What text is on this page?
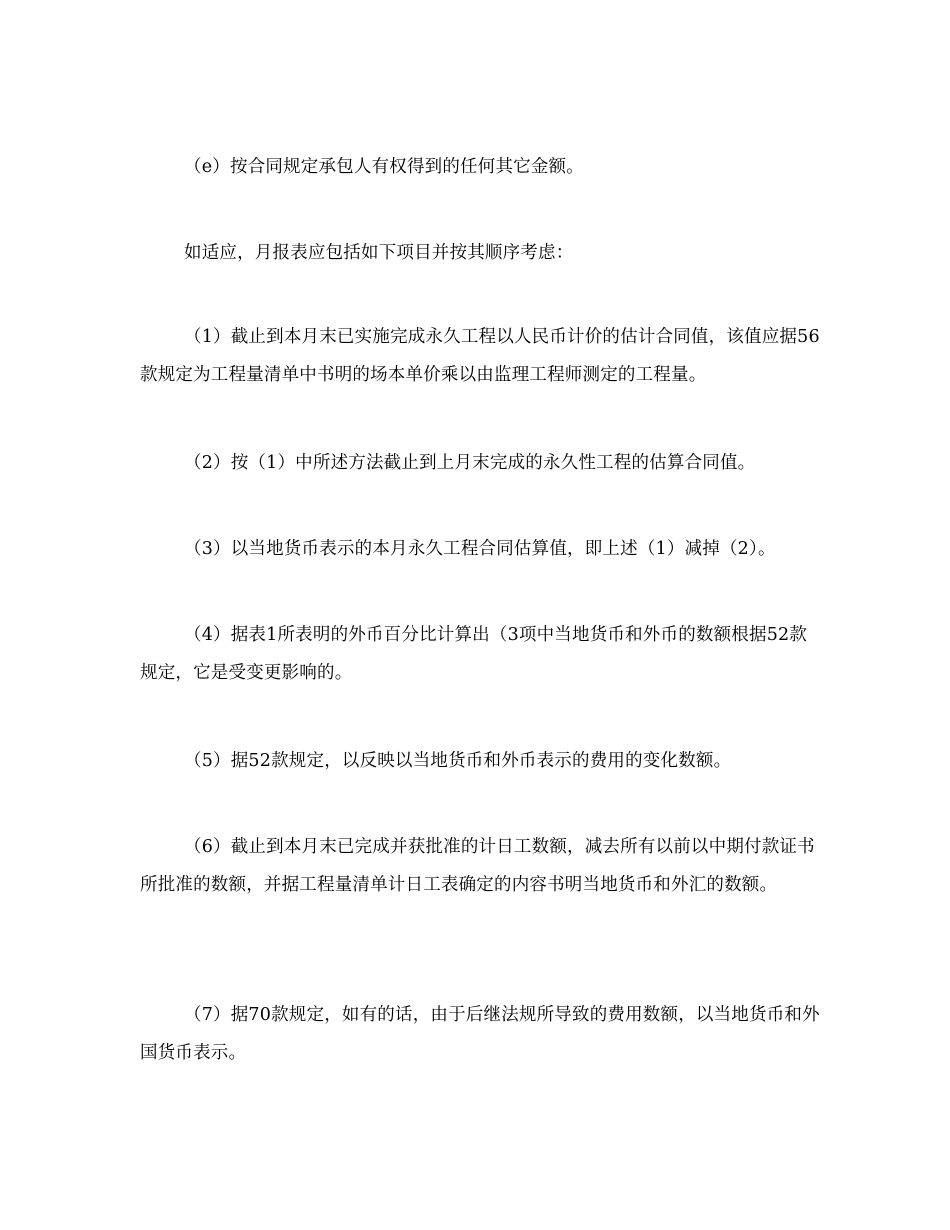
（e）按合同规定承包人有权得到的任何其它金额。

如适应，月报表应包括如下项目并按其顺序考虑：

（1）截止到本月末已实施完成永久工程以人民币计价的估计合同值，该值应据56款规定为工程量清单中书明的场本单价乘以由监理工程师测定的工程量。

（2）按（1）中所述方法截止到上月末完成的永久性工程的估算合同值。

（3）以当地货币表示的本月永久工程合同估算值，即上述（1）减掉（2）。

（4）据表1所表明的外币百分比计算出（3项中当地货币和外币的数额根据52款规定，它是受变更影响的。

（5）据52款规定，以反映以当地货币和外币表示的费用的变化数额。

（6）截止到本月末已完成并获批准的计日工数额，减去所有以前以中期付款证书所批准的数额，并据工程量清单计日工表确定的内容书明当地货币和外汇的数额。

（7）据70款规定，如有的话，由于后继法规所导致的费用数额，以当地货币和外国货币表示。
